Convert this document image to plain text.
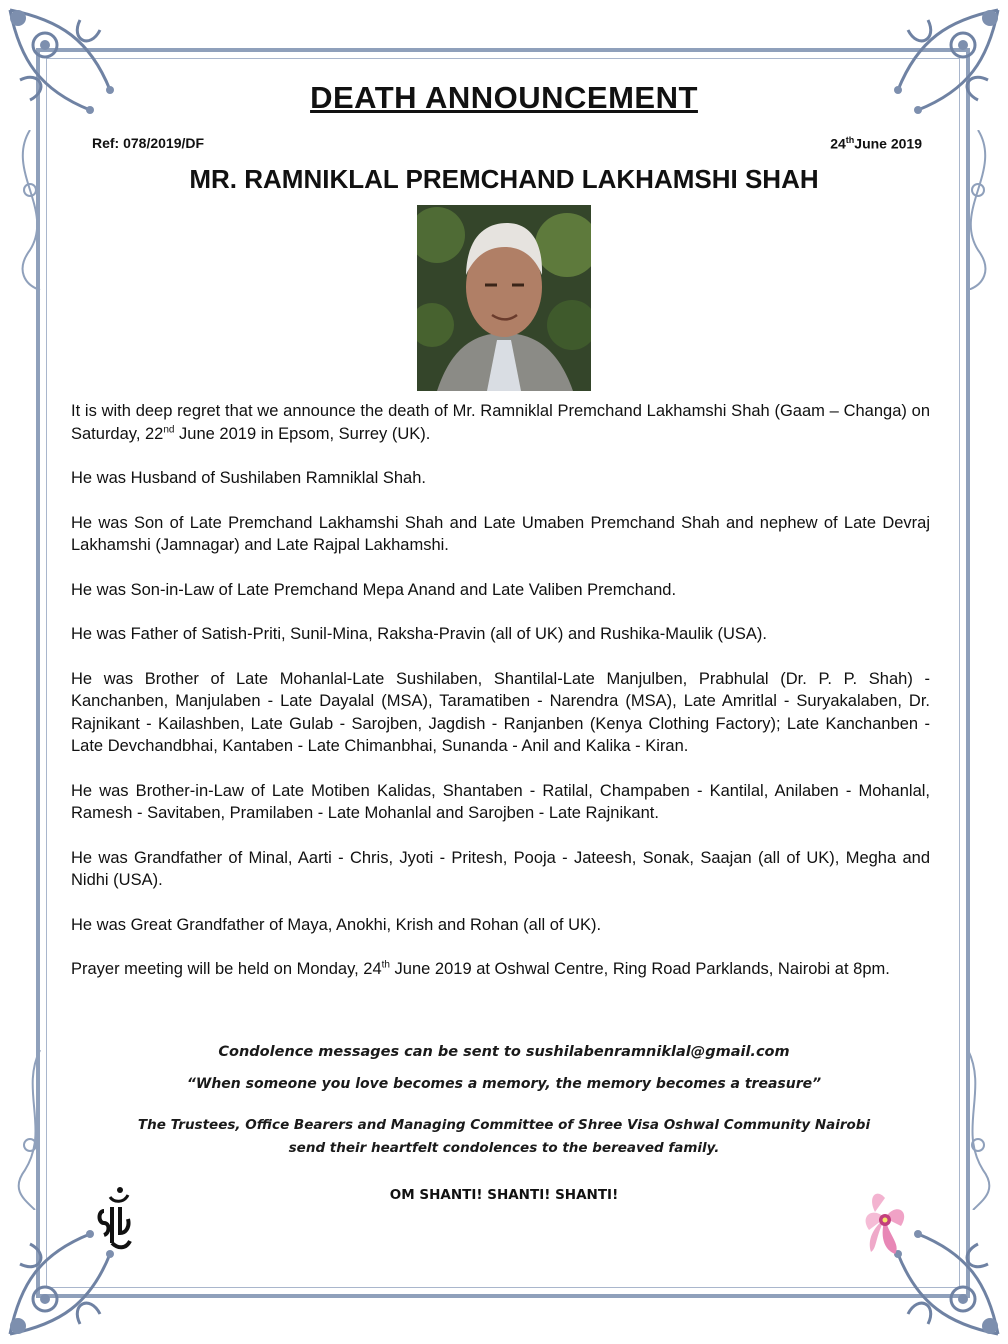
DEATH ANNOUNCEMENT
Ref: 078/2019/DF	24thJune 2019
MR. RAMNIKLAL PREMCHAND LAKHAMSHI SHAH

It is with deep regret that we announce the death of Mr. Ramniklal Premchand Lakhamshi Shah (Gaam – Changa) on Saturday, 22nd June 2019 in Epsom, Surrey (UK).

He was Husband of Sushilaben Ramniklal Shah.

He was Son of Late Premchand Lakhamshi Shah and Late Umaben Premchand Shah and nephew of Late Devraj Lakhamshi (Jamnagar) and Late Rajpal Lakhamshi.

He was Son-in-Law of Late Premchand Mepa Anand and Late Valiben Premchand.

He was Father of Satish-Priti, Sunil-Mina, Raksha-Pravin (all of UK) and Rushika-Maulik (USA).

He was Brother of Late Mohanlal-Late Sushilaben, Shantilal-Late Manjulben, Prabhulal (Dr. P. P. Shah) - Kanchanben, Manjulaben - Late Dayalal (MSA), Taramatiben - Narendra (MSA), Late Amritlal - Suryakalaben, Dr. Rajnikant - Kailashben, Late Gulab - Sarojben, Jagdish - Ranjanben (Kenya Clothing Factory); Late Kanchanben - Late Devchandbhai, Kantaben - Late Chimanbhai, Sunanda - Anil and Kalika - Kiran.

He was Brother-in-Law of Late Motiben Kalidas, Shantaben - Ratilal, Champaben - Kantilal, Anilaben - Mohanlal, Ramesh - Savitaben, Pramilaben - Late Mohanlal and Sarojben - Late Rajnikant.

He was Grandfather of Minal, Aarti - Chris, Jyoti - Pritesh, Pooja - Jateesh, Sonak, Saajan (all of UK), Megha and Nidhi (USA).

He was Great Grandfather of Maya, Anokhi, Krish and Rohan (all of UK).

Prayer meeting will be held on Monday, 24th June 2019 at Oshwal Centre, Ring Road Parklands, Nairobi at 8pm.

Condolence messages can be sent to sushilabenramniklal@gmail.com
“When someone you love becomes a memory, the memory becomes a treasure”
The Trustees, Office Bearers and Managing Committee of Shree Visa Oshwal Community Nairobi
send their heartfelt condolences to the bereaved family.
OM SHANTI! SHANTI! SHANTI!
